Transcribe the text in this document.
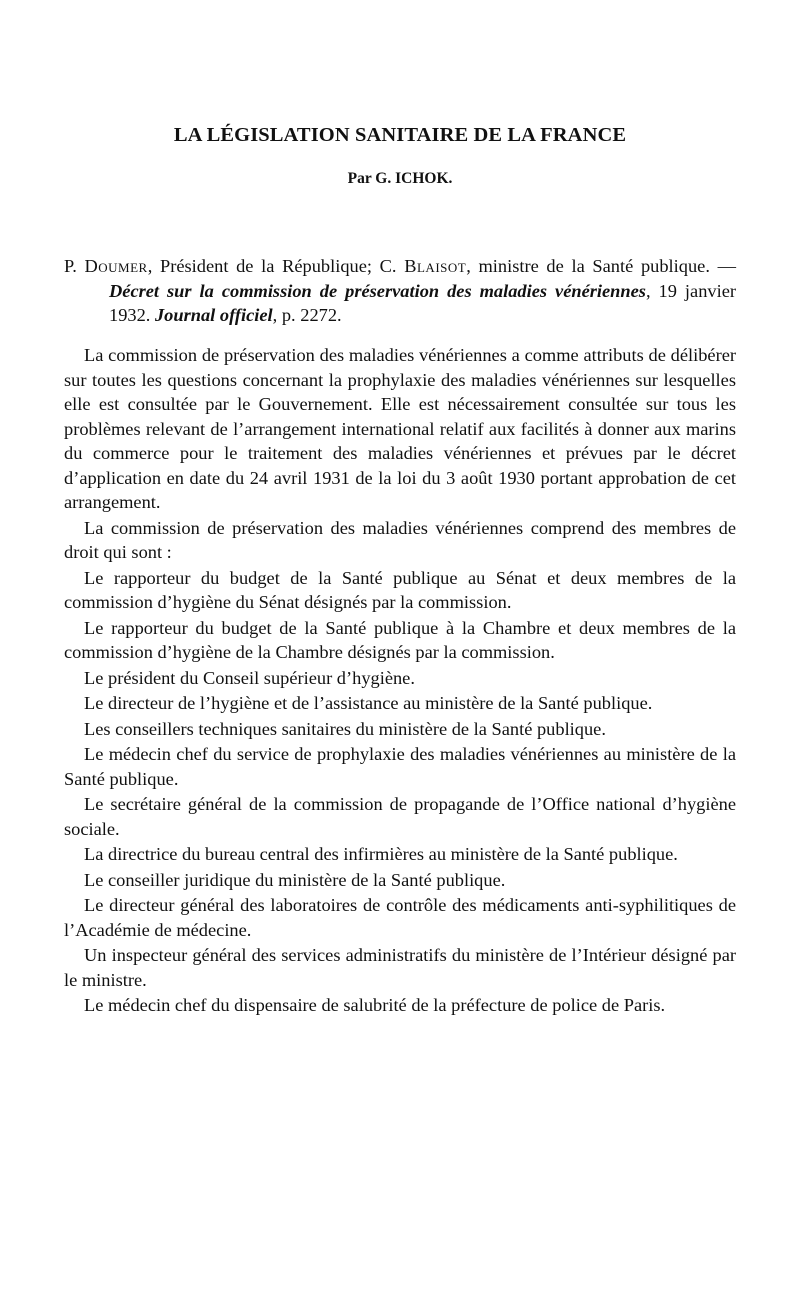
LA LÉGISLATION SANITAIRE DE LA FRANCE

Par G. ICHOK.

P. Doumer, Président de la République; C. Blaisot, ministre de la Santé publique. — Décret sur la commission de préservation des maladies vénériennes, 19 janvier 1932. Journal officiel, p. 2272.

La commission de préservation des maladies vénériennes a comme attributs de délibérer sur toutes les questions concernant la prophylaxie des maladies vénériennes sur lesquelles elle est consultée par le Gouvernement. Elle est nécessairement consultée sur tous les problèmes relevant de l’arrangement international relatif aux facilités à donner aux marins du commerce pour le traitement des maladies vénériennes et prévues par le décret d’application en date du 24 avril 1931 de la loi du 3 août 1930 portant approbation de cet arrangement.

La commission de préservation des maladies vénériennes comprend des membres de droit qui sont :

Le rapporteur du budget de la Santé publique au Sénat et deux membres de la commission d’hygiène du Sénat désignés par la commission.

Le rapporteur du budget de la Santé publique à la Chambre et deux membres de la commission d’hygiène de la Chambre désignés par la commission.

Le président du Conseil supérieur d’hygiène.

Le directeur de l’hygiène et de l’assistance au ministère de la Santé publique.

Les conseillers techniques sanitaires du ministère de la Santé publique.

Le médecin chef du service de prophylaxie des maladies vénériennes au ministère de la Santé publique.

Le secrétaire général de la commission de propagande de l’Office national d’hygiène sociale.

La directrice du bureau central des infirmières au ministère de la Santé publique.

Le conseiller juridique du ministère de la Santé publique.

Le directeur général des laboratoires de contrôle des médicaments anti-syphilitiques de l’Académie de médecine.

Un inspecteur général des services administratifs du ministère de l’Intérieur désigné par le ministre.

Le médecin chef du dispensaire de salubrité de la préfecture de police de Paris.
